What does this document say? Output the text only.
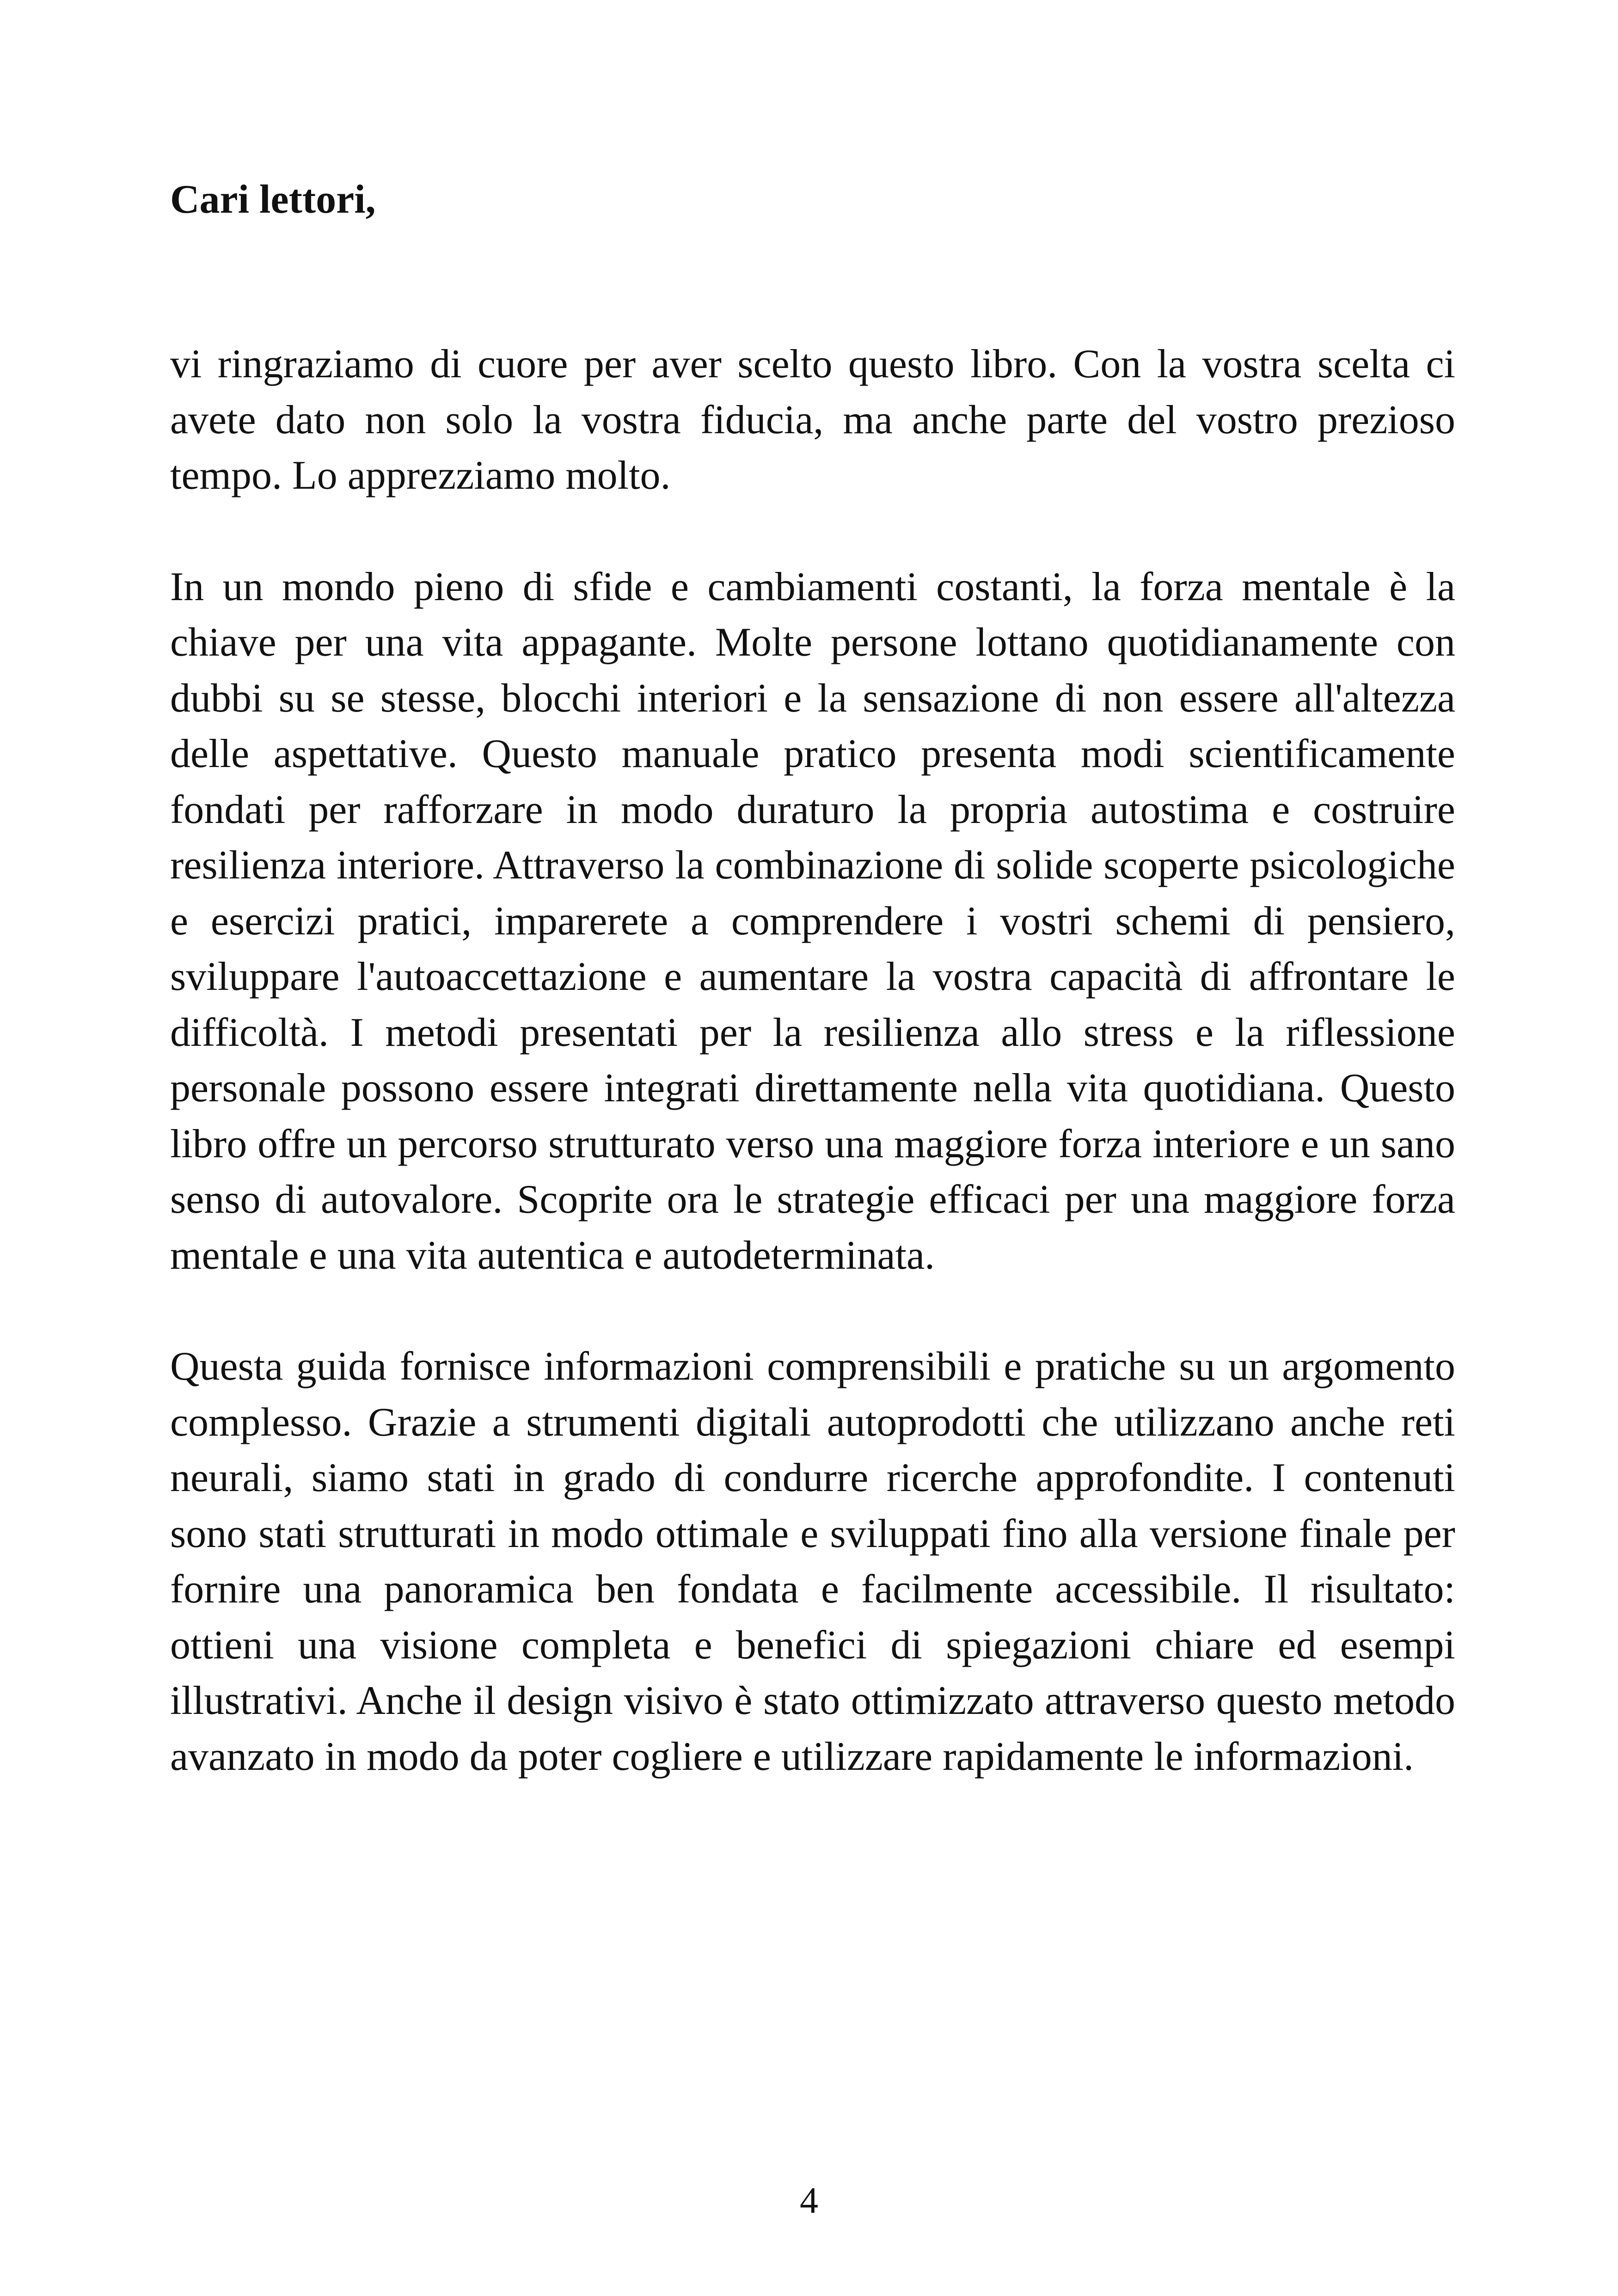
Cari lettori,

vi ringraziamo di cuore per aver scelto questo libro. Con la vostra scelta ci avete dato non solo la vostra fiducia, ma anche parte del vostro prezioso tempo. Lo apprezziamo molto.

In un mondo pieno di sfide e cambiamenti costanti, la forza mentale è la chiave per una vita appagante. Molte persone lottano quotidianamente con dubbi su se stesse, blocchi interiori e la sensazione di non essere all'altezza delle aspettative. Questo manuale pratico presenta modi scientificamente fondati per rafforzare in modo duraturo la propria autostima e costruire resilienza interiore. Attraverso la combinazione di solide scoperte psicologiche e esercizi pratici, imparerete a comprendere i vostri schemi di pensiero, sviluppare l'autoaccettazione e aumentare la vostra capacità di affrontare le difficoltà. I metodi presentati per la resilienza allo stress e la riflessione personale possono essere integrati direttamente nella vita quotidiana. Questo libro offre un percorso strutturato verso una maggiore forza interiore e un sano senso di autovalore. Scoprite ora le strategie efficaci per una maggiore forza mentale e una vita autentica e autodeterminata.

Questa guida fornisce informazioni comprensibili e pratiche su un argomento complesso. Grazie a strumenti digitali autoprodotti che utilizzano anche reti neurali, siamo stati in grado di condurre ricerche approfondite. I contenuti sono stati strutturati in modo ottimale e sviluppati fino alla versione finale per fornire una panoramica ben fondata e facilmente accessibile. Il risultato: ottieni una visione completa e benefici di spiegazioni chiare ed esempi illustrativi. Anche il design visivo è stato ottimizzato attraverso questo metodo avanzato in modo da poter cogliere e utilizzare rapidamente le informazioni.

4
